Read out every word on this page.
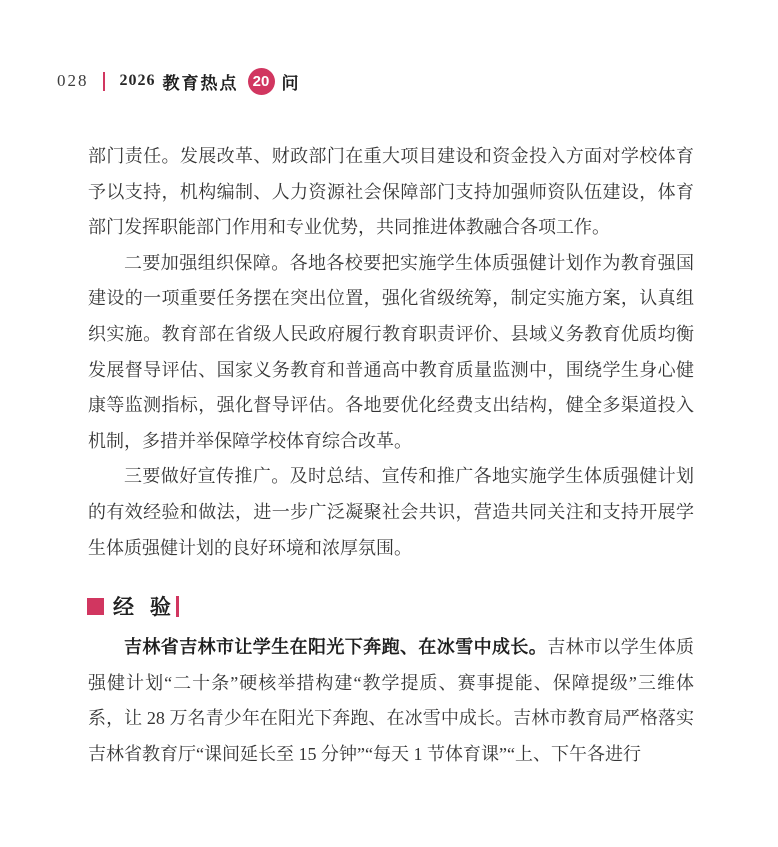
028 2026 教育热点 20 问

部门责任。发展改革、财政部门在重大项目建设和资金投入方面对学校体育予以支持，机构编制、人力资源社会保障部门支持加强师资队伍建设，体育部门发挥职能部门作用和专业优势，共同推进体教融合各项工作。

二要加强组织保障。各地各校要把实施学生体质强健计划作为教育强国建设的一项重要任务摆在突出位置，强化省级统筹，制定实施方案，认真组织实施。教育部在省级人民政府履行教育职责评价、县域义务教育优质均衡发展督导评估、国家义务教育和普通高中教育质量监测中，围绕学生身心健康等监测指标，强化督导评估。各地要优化经费支出结构，健全多渠道投入机制，多措并举保障学校体育综合改革。

三要做好宣传推广。及时总结、宣传和推广各地实施学生体质强健计划的有效经验和做法，进一步广泛凝聚社会共识，营造共同关注和支持开展学生体质强健计划的良好环境和浓厚氛围。

经 验

吉林省吉林市让学生在阳光下奔跑、在冰雪中成长。吉林市以学生体质强健计划“二十条”硬核举措构建“教学提质、赛事提能、保障提级”三维体系，让 28 万名青少年在阳光下奔跑、在冰雪中成长。吉林市教育局严格落实吉林省教育厅“课间延长至 15 分钟”“每天 1 节体育课”“上、下午各进行
